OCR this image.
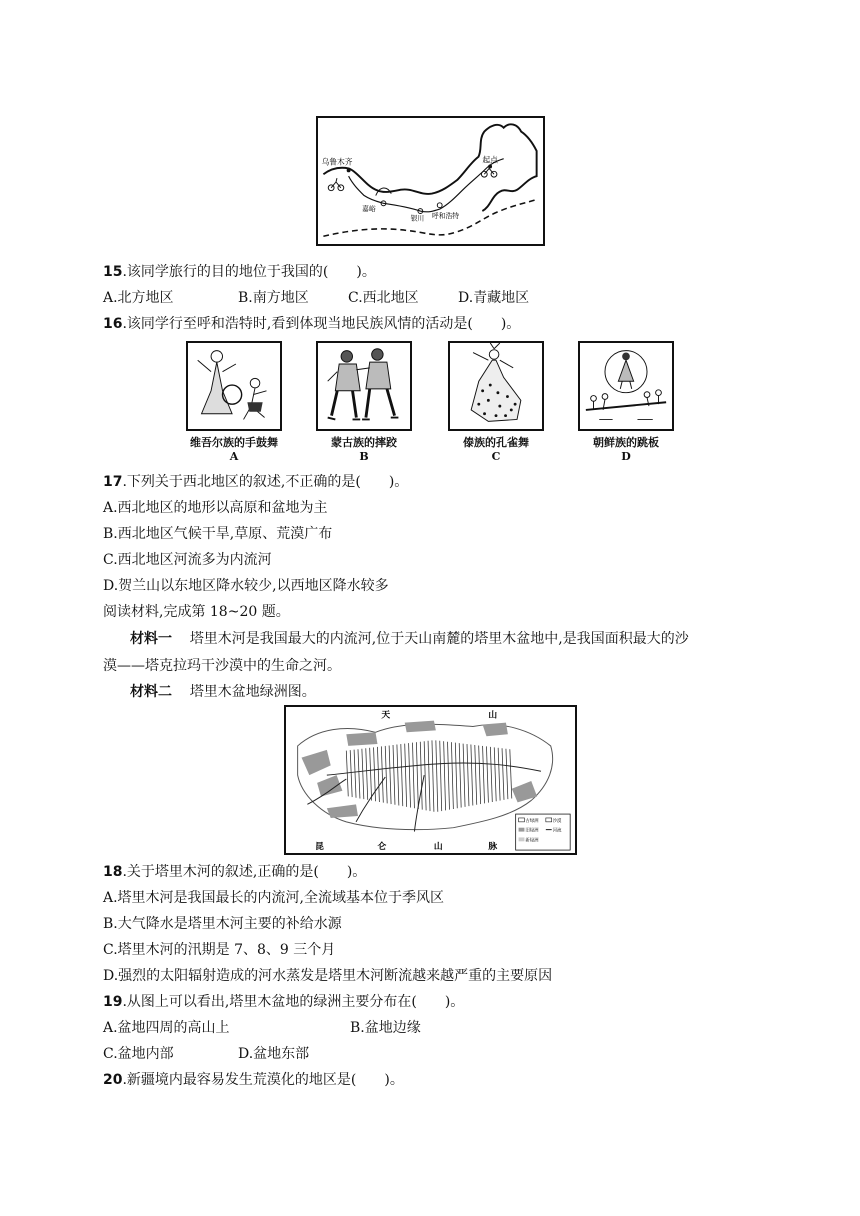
乌鲁木齐	起点
嘉峪
银川 呼和浩特
15.该同学旅行的目的地位于我国的(　　)。
A.北方地区	B.南方地区	C.西北地区	D.青藏地区
16.该同学行至呼和浩特时,看到体现当地民族风情的活动是(　　)。
维吾尔族的手鼓舞
A
蒙古族的摔跤
B
傣族的孔雀舞
C
朝鲜族的跳板
D
17.下列关于西北地区的叙述,不正确的是(　　)。
A.西北地区的地形以高原和盆地为主
B.西北地区气候干旱,草原、荒漠广布
C.西北地区河流多为内流河
D.贺兰山以东地区降水较少,以西地区降水较多
阅读材料,完成第 18~20 题。
材料一 塔里木河是我国最大的内流河,位于天山南麓的塔里木盆地中,是我国面积最大的沙
漠——塔克拉玛干沙漠中的生命之河。
材料二 塔里木盆地绿洲图。
天	山
昆	仑	山	脉
古绿洲	沙漠
旧绿洲	河流
新绿洲
18.关于塔里木河的叙述,正确的是(　　)。
A.塔里木河是我国最长的内流河,全流域基本位于季风区
B.大气降水是塔里木河主要的补给水源
C.塔里木河的汛期是 7、8、9 三个月
D.强烈的太阳辐射造成的河水蒸发是塔里木河断流越来越严重的主要原因
19.从图上可以看出,塔里木盆地的绿洲主要分布在(　　)。
A.盆地四周的高山上	B.盆地边缘
C.盆地内部	D.盆地东部
20.新疆境内最容易发生荒漠化的地区是(　　)。
